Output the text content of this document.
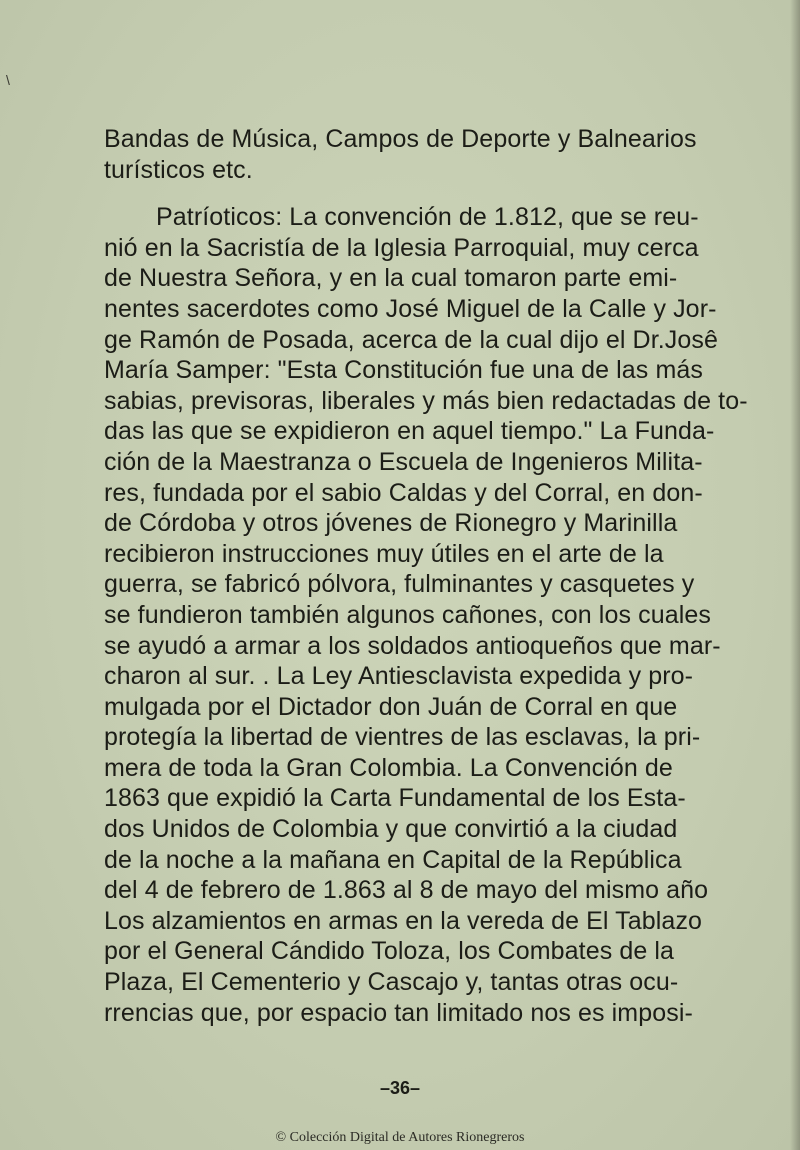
\
Bandas de Música, Campos de Deporte y Balnearios
turísticos etc.
Patríoticos: La convención de 1.812, que se reu-
nió en la Sacristía de la Iglesia Parroquial, muy cerca
de Nuestra Señora, y en la cual tomaron parte emi-
nentes sacerdotes como José Miguel de la Calle y Jor-
ge Ramón de Posada, acerca de la cual dijo el Dr.Josê
María Samper: "Esta Constitución fue una de las más
sabias, previsoras, liberales y más bien redactadas de to-
das las que se expidieron en aquel tiempo." La Funda-
ción de la Maestranza o Escuela de Ingenieros Milita-
res, fundada por el sabio Caldas y del Corral, en don-
de Córdoba y otros jóvenes de Rionegro y Marinilla
recibieron instrucciones muy útiles en el arte de la
guerra, se fabricó pólvora, fulminantes y casquetes y
se fundieron también algunos cañones, con los cuales
se ayudó a armar a los soldados antioqueños que mar-
charon al sur. . La Ley Antiesclavista expedida y pro-
mulgada por el Dictador don Juán de Corral en que
protegía la libertad de vientres de las esclavas, la pri-
mera de toda la Gran Colombia. La Convención de
1863 que expidió la Carta Fundamental de los Esta-
dos Unidos de Colombia y que convirtió a la ciudad
de la noche a la mañana en Capital de la República
del 4 de febrero de 1.863 al 8 de mayo del mismo año
Los alzamientos en armas en la vereda de El Tablazo
por el General Cándido Toloza, los Combates de la
Plaza, El Cementerio y Cascajo y, tantas otras ocu-
rrencias que, por espacio tan limitado nos es imposi-
–36–
© Colección Digital de Autores Rionegreros
